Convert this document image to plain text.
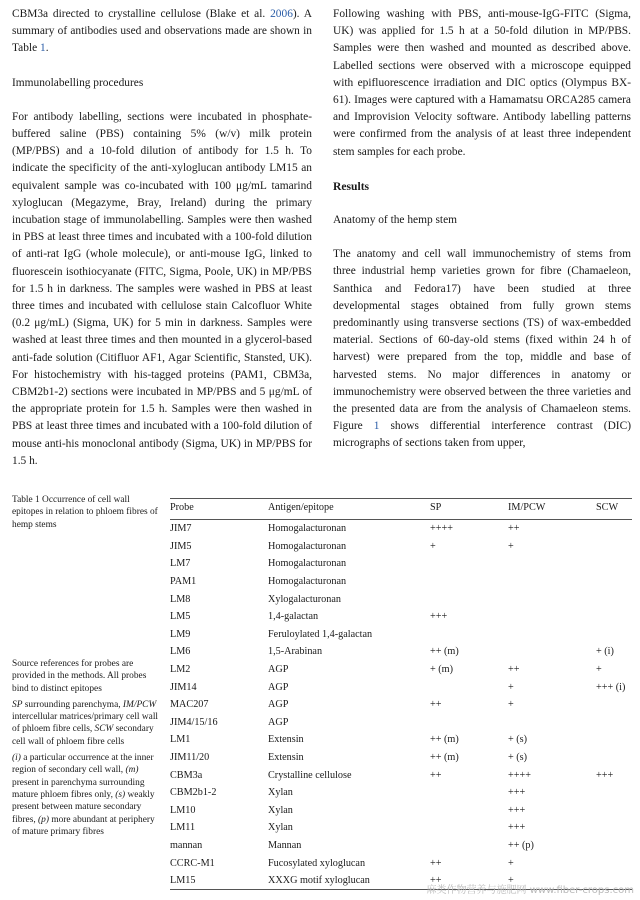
CBM3a directed to crystalline cellulose (Blake et al. 2006). A summary of antibodies used and observations made are shown in Table 1.

Immunolabelling procedures

For antibody labelling, sections were incubated in phosphate-buffered saline (PBS) containing 5% (w/v) milk protein (MP/PBS) and a 10-fold dilution of antibody for 1.5 h. To indicate the specificity of the anti-xyloglucan antibody LM15 an equivalent sample was co-incubated with 100 μg/mL tamarind xyloglucan (Megazyme, Bray, Ireland) during the primary incubation stage of immunolabelling. Samples were then washed in PBS at least three times and incubated with a 100-fold dilution of anti-rat IgG (whole molecule), or anti-mouse IgG, linked to fluorescein isothiocyanate (FITC, Sigma, Poole, UK) in MP/PBS for 1.5 h in darkness. The samples were washed in PBS at least three times and incubated with cellulose stain Calcofluor White (0.2 μg/mL) (Sigma, UK) for 5 min in darkness. Samples were washed at least three times and then mounted in a glycerol-based anti-fade solution (Citifluor AF1, Agar Scientific, Stansted, UK). For histochemistry with his-tagged proteins (PAM1, CBM3a, CBM2b1-2) sections were incubated in MP/PBS and 5 μg/mL of the appropriate protein for 1.5 h. Samples were then washed in PBS at least three times and incubated with a 100-fold dilution of mouse anti-his monoclonal antibody (Sigma, UK) in MP/PBS for 1.5 h.

Following washing with PBS, anti-mouse-IgG-FITC (Sigma, UK) was applied for 1.5 h at a 50-fold dilution in MP/PBS. Samples were then washed and mounted as described above. Labelled sections were observed with a microscope equipped with epifluorescence irradiation and DIC optics (Olympus BX-61). Images were captured with a Hamamatsu ORCA285 camera and Improvision Velocity software. Antibody labelling patterns were confirmed from the analysis of at least three independent stem samples for each probe.

Results

Anatomy of the hemp stem

The anatomy and cell wall immunochemistry of stems from three industrial hemp varieties grown for fibre (Chamaeleon, Santhica and Fedora17) have been studied at three developmental stages obtained from fully grown stems predominantly using transverse sections (TS) of wax-embedded material. Sections of 60-day-old stems (fixed within 24 h of harvest) were prepared from the top, middle and base of harvested stems. No major differences in anatomy or immunochemistry were observed between the three varieties and the presented data are from the analysis of Chamaeleon stems. Figure 1 shows differential interference contrast (DIC) micrographs of sections taken from upper,

Table 1 Occurrence of cell wall epitopes in relation to phloem fibres of hemp stems

Source references for probes are provided in the methods. All probes bind to distinct epitopes

SP surrounding parenchyma, IM/PCW intercellular matrices/primary cell wall of phloem fibre cells, SCW secondary cell wall of phloem fibre cells

(i) a particular occurrence at the inner region of secondary cell wall, (m) present in parenchyma surrounding mature phloem fibres only, (s) weakly present between mature secondary fibres, (p) more abundant at periphery of mature primary fibres

Probe	Antigen/epitope	SP	IM/PCW	SCW
JIM7	Homogalacturonan	++++	++	
JIM5	Homogalacturonan	+	+	
LM7	Homogalacturonan			
PAM1	Homogalacturonan			
LM8	Xylogalacturonan			
LM5	1,4-galactan	+++		
LM9	Feruloylated 1,4-galactan			
LM6	1,5-Arabinan	++ (m)		+ (i)
LM2	AGP	+ (m)	++	+
JIM14	AGP		+	+++ (i)
MAC207	AGP	++	+	
JIM4/15/16	AGP			
LM1	Extensin	++ (m)	+ (s)	
JIM11/20	Extensin	++ (m)	+ (s)	
CBM3a	Crystalline cellulose	++	++++	+++
CBM2b1-2	Xylan		+++	
LM10	Xylan		+++	
LM11	Xylan		+++	
mannan	Mannan		++ (p)	
CCRC-M1	Fucosylated xyloglucan	++	+	
LM15	XXXG motif xyloglucan	++	+	
麻类作物营养与施肥网 www.fiber-crops.com
